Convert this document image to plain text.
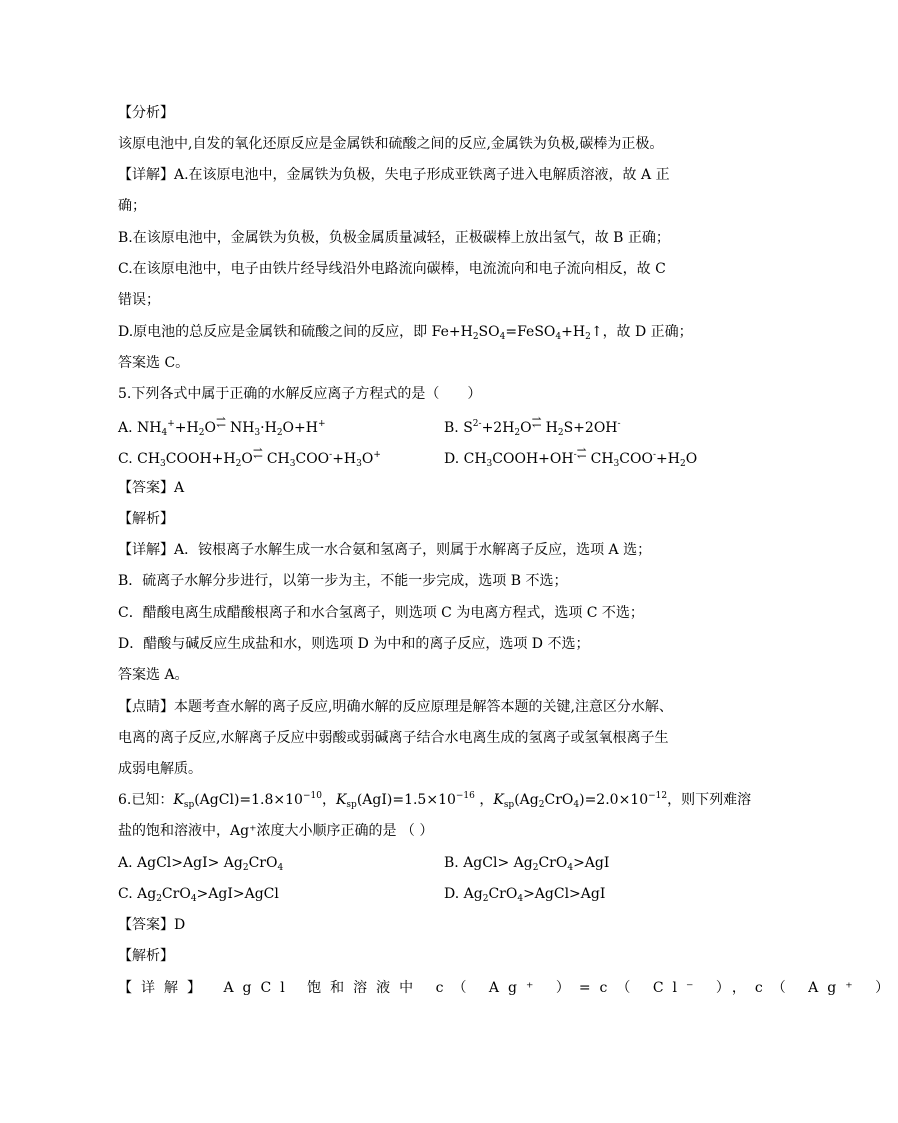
【分析】
该原电池中,自发的氧化还原反应是金属铁和硫酸之间的反应,金属铁为负极,碳棒为正极。
【详解】A.在该原电池中，金属铁为负极，失电子形成亚铁离子进入电解质溶液，故 A 正
确；
B.在该原电池中，金属铁为负极，负极金属质量减轻，正极碳棒上放出氢气，故 B 正确；
C.在该原电池中，电子由铁片经导线沿外电路流向碳棒，电流流向和电子流向相反，故 C
错误；
D.原电池的总反应是金属铁和硫酸之间的反应，即 $Fe+H_2SO_4=FeSO_4+H_2↑$，故 D 正确；
答案选 C。
5.下列各式中属于正确的水解反应离子方程式的是（　　）
A. $NH_4^++H_2O$ ⇀ ↽ $NH_3\cdot H_2O+H^+$	B. $S^{2-}+2H_2O$ ⇀ ↽ $H_2S+2OH^-$
C. $CH_3COOH+H_2O$ ⇀ ↽ $CH_3COO^-+H_3O^+$	D. $CH_3COOH+OH^-$ ⇀ ↽ $CH_3COO^-+H_2O$
【答案】A
【解析】
【详解】A．铵根离子水解生成一水合氨和氢离子，则属于水解离子反应，选项 A 选；
B．硫离子水解分步进行，以第一步为主，不能一步完成，选项 B 不选；
C．醋酸电离生成醋酸根离子和水合氢离子，则选项 C 为电离方程式，选项 C 不选；
D．醋酸与碱反应生成盐和水，则选项 D 为中和的离子反应，选项 D 不选；
答案选 A。
【点睛】本题考查水解的离子反应,明确水解的反应原理是解答本题的关键,注意区分水解、
电离的离子反应,水解离子反应中弱酸或弱碱离子结合水电离生成的氢离子或氢氧根离子生
成弱电解质。
6.已知：$K_{sp}(AgCl)=1.8\times 10^{-10}$，$K_{sp}(AgI)=1.5\times 10^{-16}$ ，$K_{sp}(Ag_2CrO_4)=2.0\times 10^{-12}$，则下列难溶
盐的饱和溶液中，Ag⁺浓度大小顺序正确的是 （ ）
A. AgCl>AgI> $Ag_2CrO_4$	B. AgCl> $Ag_2CrO_4>AgI$
C. $Ag_2CrO_4>AgI>AgCl$	D. $Ag_2CrO_4>AgCl>AgI$
【答案】D
【解析】
【详解】 AgCl 饱和溶液中 c（ Ag⁺ ）=c（ Cl⁻ ），c（ Ag⁺ ）
